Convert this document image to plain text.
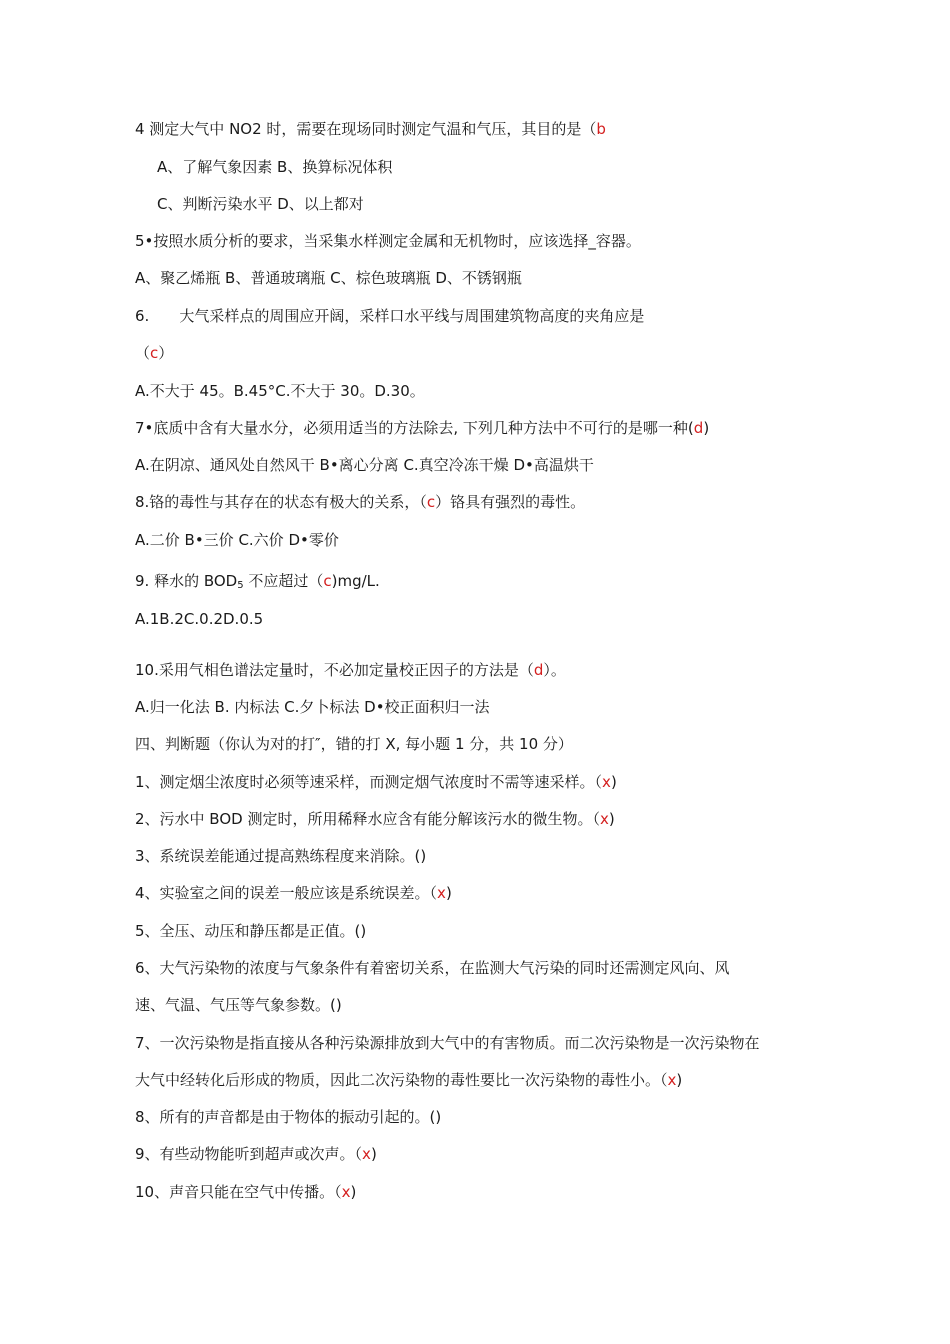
4 测定大气中 NO2 时，需要在现场同时测定气温和气压，其目的是（b
A、了解气象因素 B、换算标况体积
C、判断污染水平 D、以上都对
5•按照水质分析的要求，当采集水样测定金属和无机物时，应该选择_容器。
A、聚乙烯瓶 B、普通玻璃瓶 C、棕色玻璃瓶 D、不锈钢瓶
6. 大气采样点的周围应开阔，采样口水平线与周围建筑物高度的夹角应是
（c）
A.不大于 45。B.45°C.不大于 30。D.30。
7•底质中含有大量水分，必须用适当的方法除去, 下列几种方法中不可行的是哪一种(d)
A.在阴凉、通风处自然风干 B•离心分离 C.真空冷冻干燥 D•高温烘干
8.铬的毒性与其存在的状态有极大的关系，（c）铬具有强烈的毒性。
A.二价 B•三价 C.六价 D•零价
9. 释水的 $BOD_5$ 不应超过（c)mg/L.
A.1B.2C.0.2D.0.5
10.采用气相色谱法定量时，不必加定量校正因子的方法是（d）。
A.归一化法 B. 内标法 C.夕卜标法 D•校正面积归一法
四、判断题（你认为对的打″，错的打 X, 每小题 1 分，共 10 分）
1、测定烟尘浓度时必须等速采样，而测定烟气浓度时不需等速采样。（x)
2、污水中 BOD 测定时，所用稀释水应含有能分解该污水的微生物。（x)
3、系统误差能通过提高熟练程度来消除。()
4、实验室之间的误差一般应该是系统误差。（x)
5、全压、动压和静压都是正值。()
6、大气污染物的浓度与气象条件有着密切关系，在监测大气污染的同时还需测定风向、风
速、气温、气压等气象参数。()
7、一次污染物是指直接从各种污染源排放到大气中的有害物质。而二次污染物是一次污染物在
大气中经转化后形成的物质，因此二次污染物的毒性要比一次污染物的毒性小。（x)
8、所有的声音都是由于物体的振动引起的。()
9、有些动物能听到超声或次声。（x)
10、声音只能在空气中传播。（x)
